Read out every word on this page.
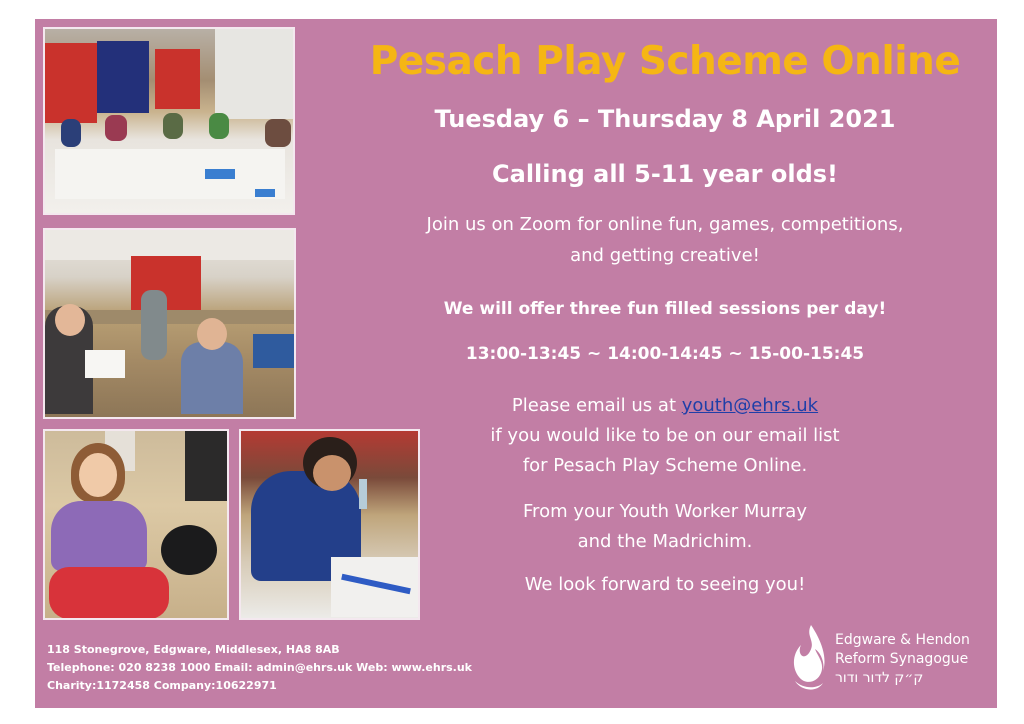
Pesach Play Scheme Online
Tuesday 6 – Thursday 8 April 2021
Calling all 5-11 year olds!
Join us on Zoom for online fun, games, competitions,
and getting creative!
We will offer three fun filled sessions per day!
13:00-13:45 ~ 14:00-14:45 ~ 15-00-15:45
Please email us at youth@ehrs.uk
if you would like to be on our email list
for Pesach Play Scheme Online.
From your Youth Worker Murray
and the Madrichim.
We look forward to seeing you!
118 Stonegrove, Edgware, Middlesex, HA8 8AB
Telephone: 020 8238 1000 Email: admin@ehrs.uk Web: www.ehrs.uk
Charity:1172458 Company:10622971
Edgware & Hendon
Reform Synagogue
ק״ק לדור ודור
